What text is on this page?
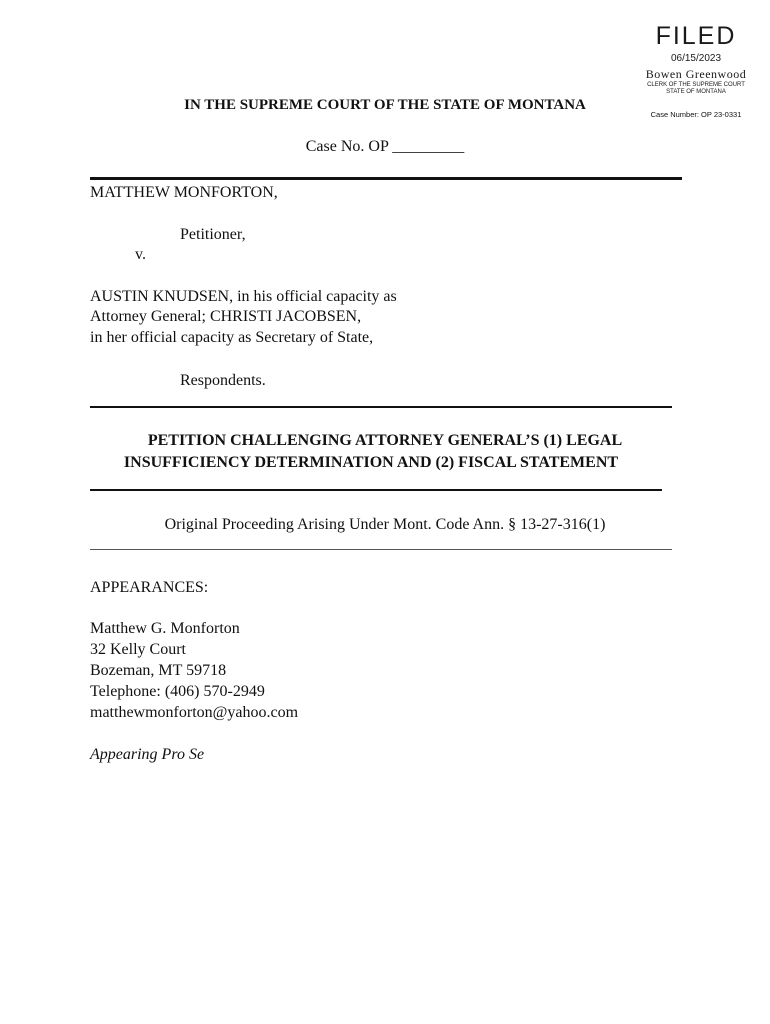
FILED
06/15/2023
Bowen Greenwood
CLERK OF THE SUPREME COURT
STATE OF MONTANA
Case Number: OP 23-0331
IN THE SUPREME COURT OF THE STATE OF MONTANA
Case No. OP _________
MATTHEW MONFORTON,
Petitioner,
v.
AUSTIN KNUDSEN, in his official capacity as
Attorney General; CHRISTI JACOBSEN,
in her official capacity as Secretary of State,
Respondents.
PETITION CHALLENGING ATTORNEY GENERAL’S (1) LEGAL
INSUFFICIENCY DETERMINATION AND (2) FISCAL STATEMENT
Original Proceeding Arising Under Mont. Code Ann. § 13-27-316(1)
APPEARANCES:
Matthew G. Monforton
32 Kelly Court
Bozeman, MT 59718
Telephone: (406) 570-2949
matthewmonforton@yahoo.com
Appearing Pro Se
